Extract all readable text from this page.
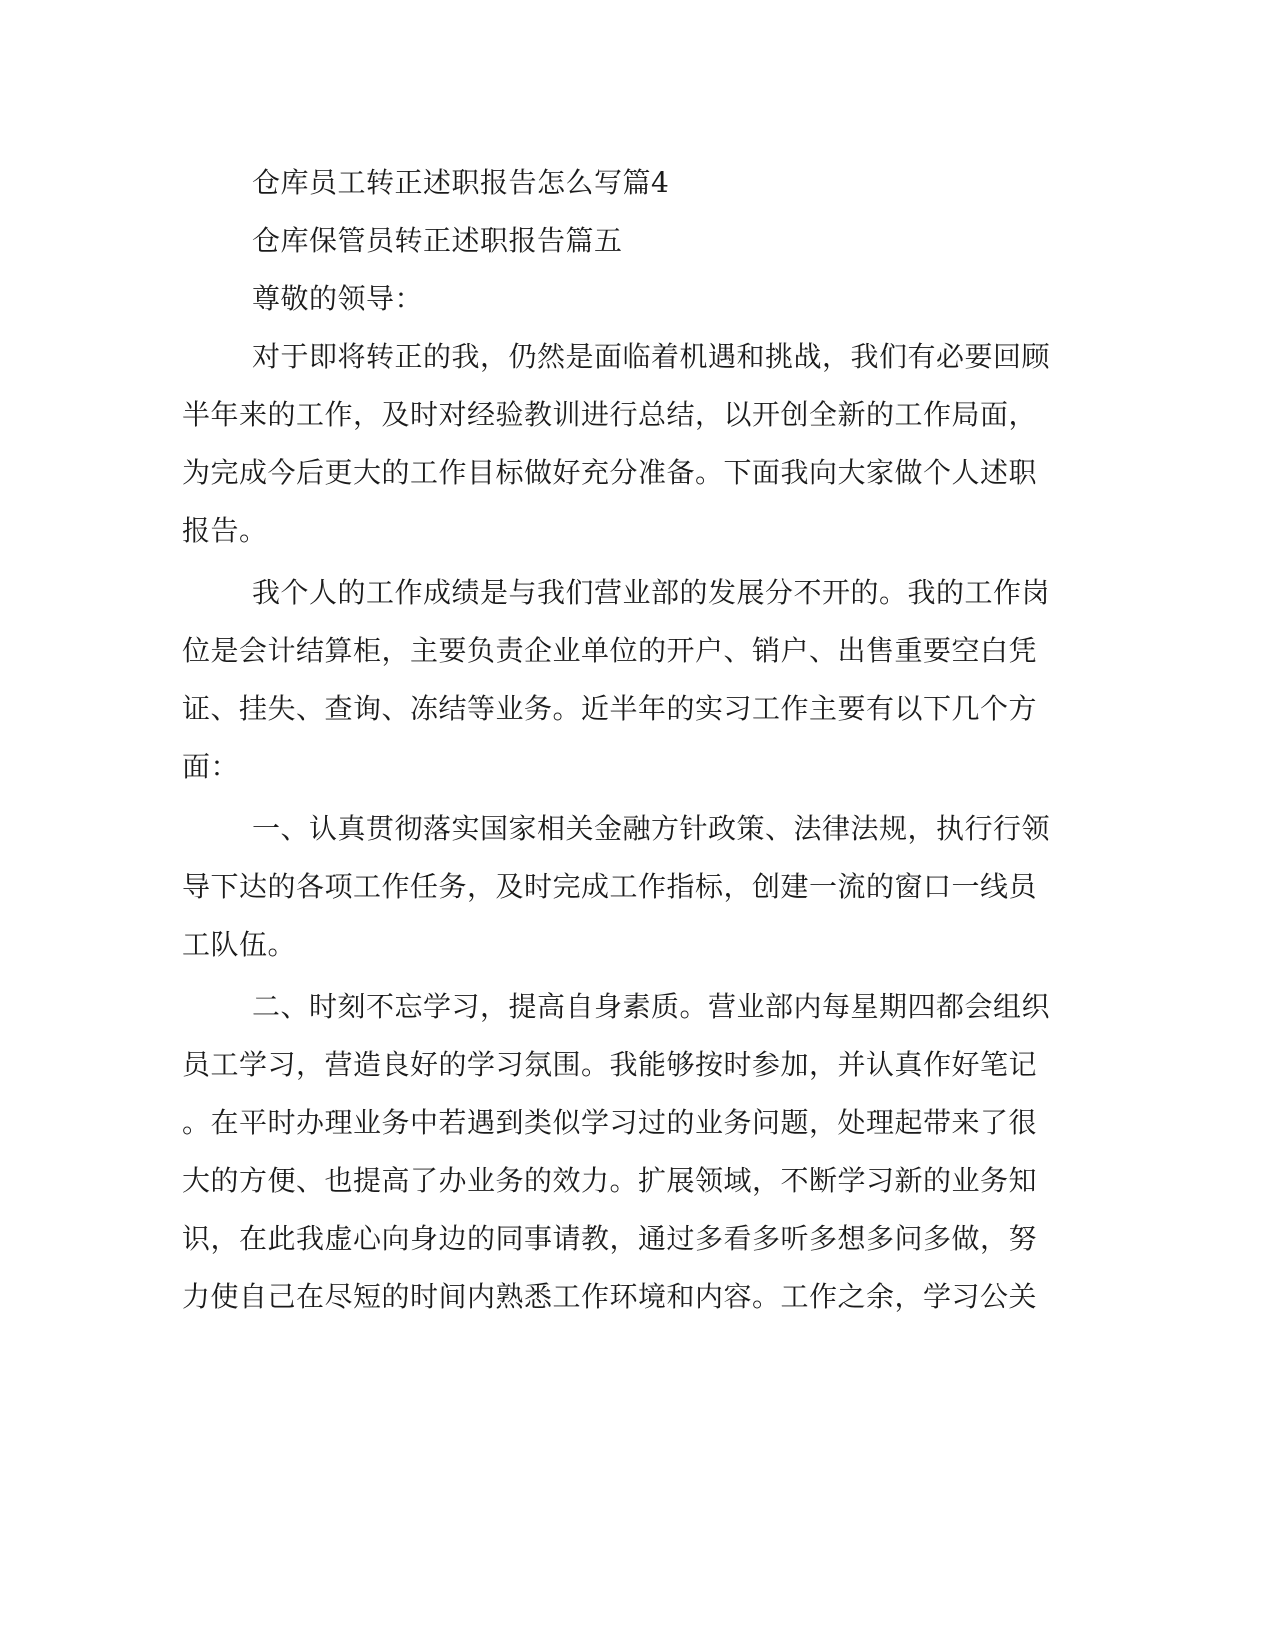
仓库员工转正述职报告怎么写篇4
仓库保管员转正述职报告篇五
尊敬的领导：
对于即将转正的我，仍然是面临着机遇和挑战，我们有必要回顾
半年来的工作，及时对经验教训进行总结，以开创全新的工作局面，
为完成今后更大的工作目标做好充分准备。下面我向大家做个人述职
报告。
我个人的工作成绩是与我们营业部的发展分不开的。我的工作岗
位是会计结算柜，主要负责企业单位的开户、销户、出售重要空白凭
证、挂失、查询、冻结等业务。近半年的实习工作主要有以下几个方
面：
一、认真贯彻落实国家相关金融方针政策、法律法规，执行行领
导下达的各项工作任务，及时完成工作指标，创建一流的窗口一线员
工队伍。
二、时刻不忘学习，提高自身素质。营业部内每星期四都会组织
员工学习，营造良好的学习氛围。我能够按时参加，并认真作好笔记
。在平时办理业务中若遇到类似学习过的业务问题，处理起带来了很
大的方便、也提高了办业务的效力。扩展领域，不断学习新的业务知
识，在此我虚心向身边的同事请教，通过多看多听多想多问多做，努
力使自己在尽短的时间内熟悉工作环境和内容。工作之余，学习公关
